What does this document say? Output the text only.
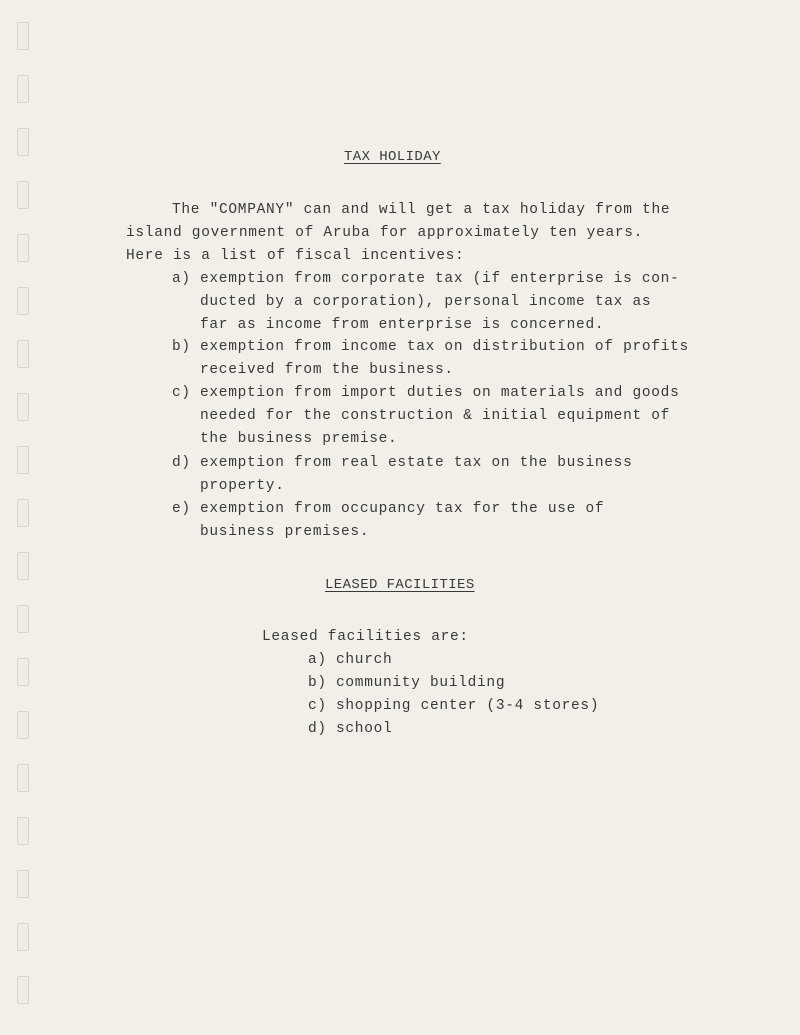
TAX HOLIDAY
The "COMPANY" can and will get a tax holiday from the
island government of Aruba for approximately ten years.
Here is a list of fiscal incentives:
a) exemption from corporate tax (if enterprise is con-
ducted by a corporation), personal income tax as
far as income from enterprise is concerned.
b) exemption from income tax on distribution of profits
received from the business.
c) exemption from import duties on materials and goods
needed for the construction & initial equipment of
the business premise.
d) exemption from real estate tax on the business
property.
e) exemption from occupancy tax for the use of
business premises.
LEASED FACILITIES
Leased facilities are:
a) church
b) community building
c) shopping center (3-4 stores)
d) school
